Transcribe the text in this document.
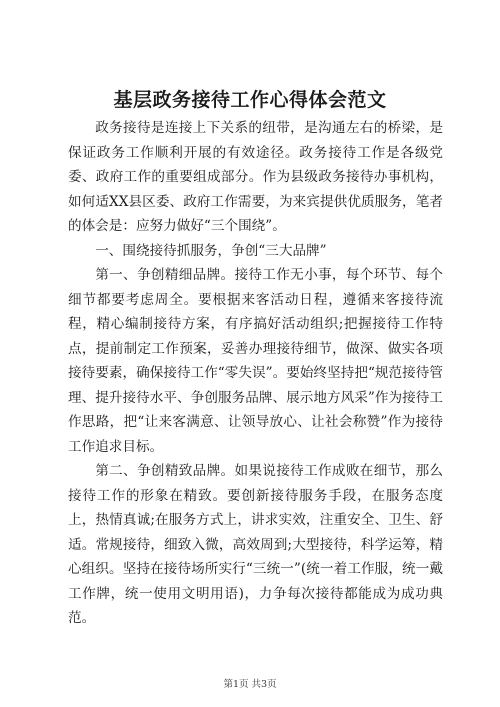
基层政务接待工作心得体会范文

政务接待是连接上下关系的纽带，是沟通左右的桥梁，是保证政务工作顺利开展的有效途径。政务接待工作是各级党委、政府工作的重要组成部分。作为县级政务接待办事机构，如何适XX县区委、政府工作需要，为来宾提供优质服务，笔者的体会是：应努力做好“三个围绕”。

一、围绕接待抓服务，争创“三大品牌”

第一、争创精细品牌。接待工作无小事，每个环节、每个细节都要考虑周全。要根据来客活动日程，遵循来客接待流程，精心编制接待方案，有序搞好活动组织;把握接待工作特点，提前制定工作预案，妥善办理接待细节，做深、做实各项接待要素，确保接待工作“零失误”。要始终坚持把“规范接待管理、提升接待水平、争创服务品牌、展示地方风采”作为接待工作思路，把“让来客满意、让领导放心、让社会称赞”作为接待工作追求目标。

第二、争创精致品牌。如果说接待工作成败在细节，那么接待工作的形象在精致。要创新接待服务手段，在服务态度上，热情真诚;在服务方式上，讲求实效，注重安全、卫生、舒适。常规接待，细致入微，高效周到;大型接待，科学运筹，精心组织。坚持在接待场所实行“三统一”(统一着工作服，统一戴工作牌，统一使用文明用语)，力争每次接待都能成为成功典范。

第1页 共3页
